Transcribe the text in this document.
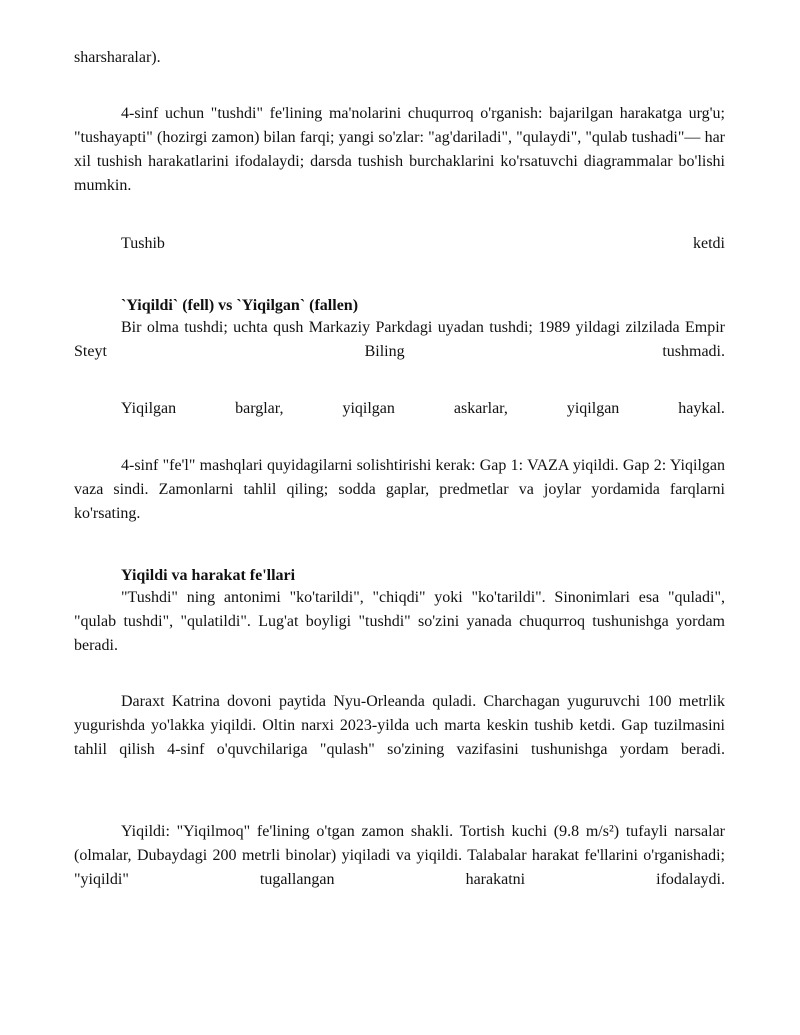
sharsharalar).

4-sinf uchun "tushdi" fe'lining ma'nolarini chuqurroq o'rganish: bajarilgan harakatga urg'u; "tushayapti" (hozirgi zamon) bilan farqi; yangi so'zlar: "ag'dariladi", "qulaydi", "qulab tushadi"— har xil tushish harakatlarini ifodalaydi; darsda tushish burchaklarini ko'rsatuvchi diagrammalar bo'lishi mumkin.

Tushib	ketdi
`Yiqildi` (fell) vs `Yiqilgan` (fallen)

Bir olma tushdi; uchta qush Markaziy Parkdagi uyadan tushdi; 1989 yildagi zilzilada Empir Steyt Biling tushmadi.

Yiqilgan	barglar,	yiqilgan	askarlar,	yiqilgan	haykal.

4-sinf "fe'l" mashqlari quyidagilarni solishtirishi kerak: Gap 1: VAZA yiqildi. Gap 2: Yiqilgan vaza sindi. Zamonlarni tahlil qiling; sodda gaplar, predmetlar va joylar yordamida farqlarni ko'rsating.

Yiqildi va harakat fe'llari

"Tushdi" ning antonimi "ko'tarildi", "chiqdi" yoki "ko'tarildi". Sinonimlari esa "quladi", "qulab tushdi", "qulatildi". Lug'at boyligi "tushdi" so'zini yanada chuqurroq tushunishga yordam beradi.

Daraxt Katrina dovoni paytida Nyu-Orleanda quladi. Charchagan yuguruvchi 100 metrlik yugurishda yo'lakka yiqildi. Oltin narxi 2023-yilda uch marta keskin tushib ketdi. Gap tuzilmasini tahlil qilish 4-sinf o'quvchilariga "qulash" so'zining vazifasini tushunishga yordam beradi.

Yiqildi: "Yiqilmoq" fe'lining o'tgan zamon shakli. Tortish kuchi (9.8 m/s²) tufayli narsalar (olmalar, Dubaydagi 200 metrli binolar) yiqiladi va yiqildi. Talabalar harakat fe'llarini o'rganishadi; "yiqildi" tugallangan harakatni ifodalaydi.
